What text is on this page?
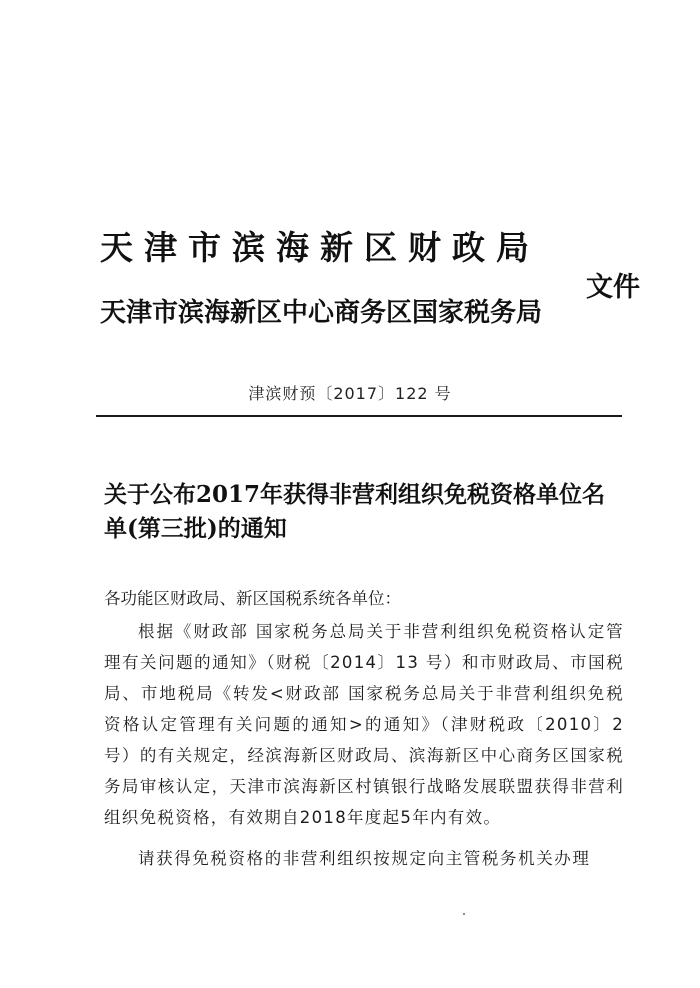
天津市滨海新区财政局
天津市滨海新区中心商务区国家税务局
文件
津滨财预〔2017〕122 号
关于公布2017年获得非营利组织免税资格单位名单(第三批)的通知
各功能区财政局、新区国税系统各单位：
根据《财政部 国家税务总局关于非营利组织免税资格认定管理有关问题的通知》（财税〔2014〕13 号）和市财政局、市国税局、市地税局《转发<财政部 国家税务总局关于非营利组织免税资格认定管理有关问题的通知>的通知》（津财税政〔2010〕2 号）的有关规定，经滨海新区财政局、滨海新区中心商务区国家税务局审核认定，天津市滨海新区村镇银行战略发展联盟获得非营利组织免税资格，有效期自2018年度起5年内有效。
请获得免税资格的非营利组织按规定向主管税务机关办理
